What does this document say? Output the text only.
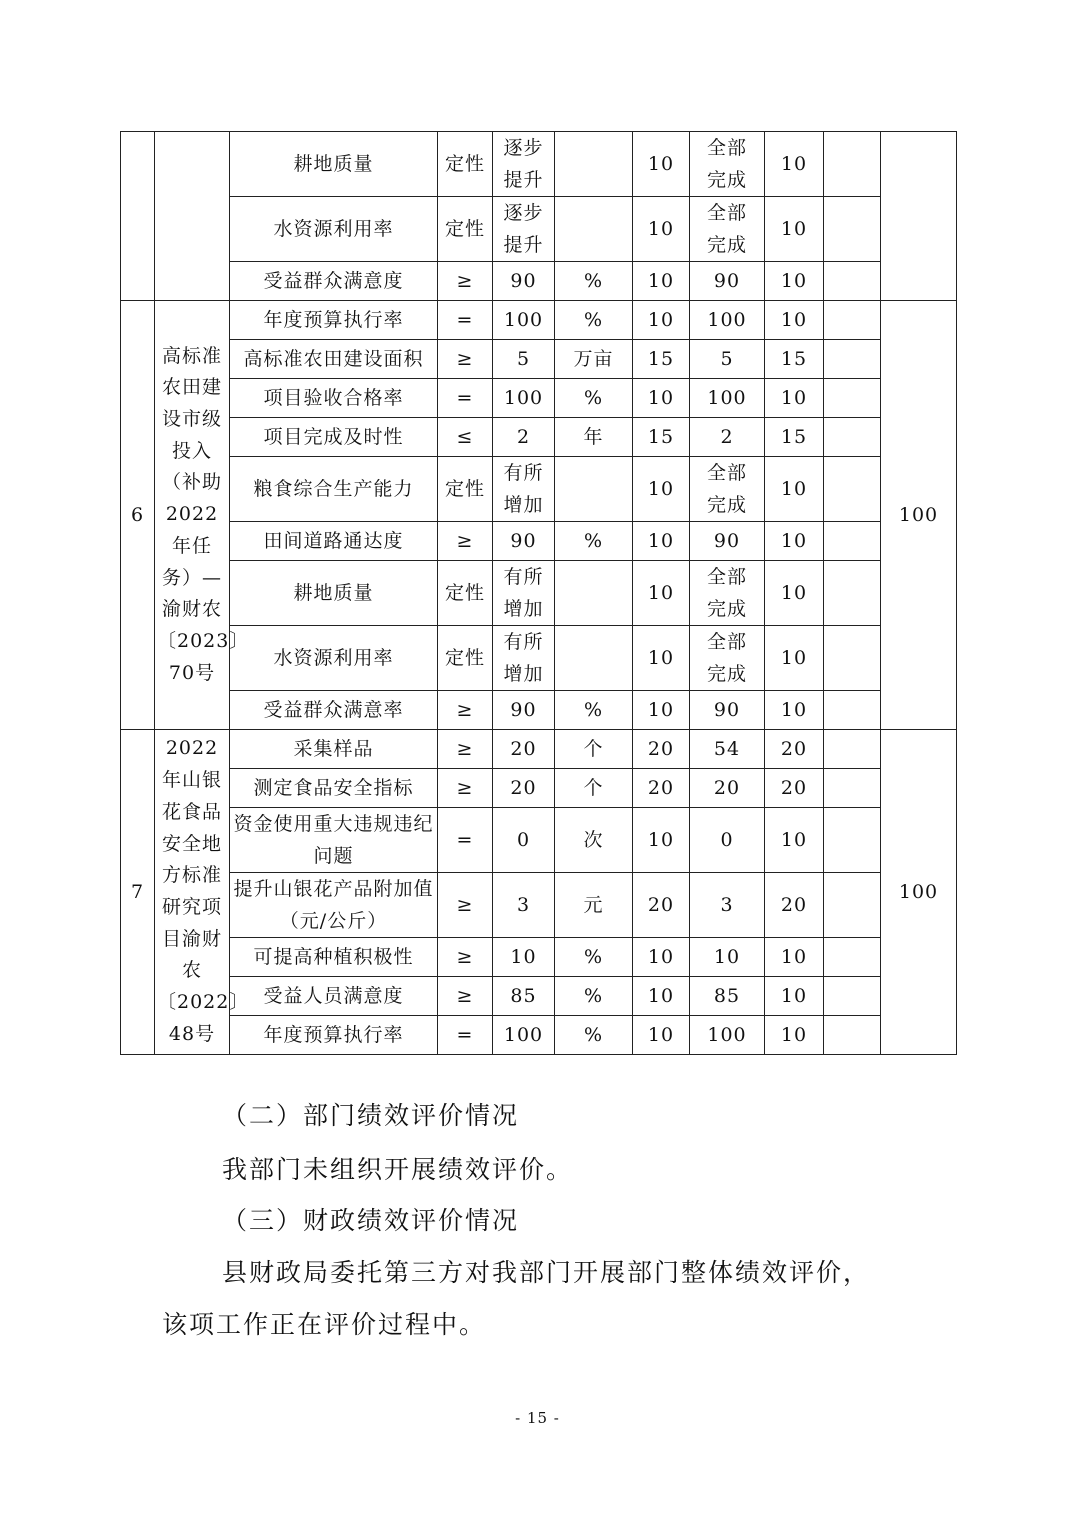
		耕地质量	定性	逐步提升		10	全部完成	10		
		水资源利用率	定性	逐步提升		10	全部完成	10		
		受益群众满意度	≥	90	%	10	90	10		
6	高标准农田建设市级投入（补助2022年任务）—渝财农〔2023〕70号	年度预算执行率	=	100	%	10	100	10		100
		高标准农田建设面积	≥	5	万亩	15	5	15		
		项目验收合格率	=	100	%	10	100	10		
		项目完成及时性	≤	2	年	15	2	15		
		粮食综合生产能力	定性	有所增加		10	全部完成	10		
		田间道路通达度	≥	90	%	10	90	10		
		耕地质量	定性	有所增加		10	全部完成	10		
		水资源利用率	定性	有所增加		10	全部完成	10		
		受益群众满意率	≥	90	%	10	90	10		
7	2022年山银花食品安全地方标准研究项目渝财农〔2022〕48号	采集样品	≥	20	个	20	54	20		100
		测定食品安全指标	≥	20	个	20	20	20		
		资金使用重大违规违纪问题	=	0	次	10	0	10		
		提升山银花产品附加值（元/公斤）	≥	3	元	20	3	20		
		可提高种植积极性	≥	10	%	10	10	10		
		受益人员满意度	≥	85	%	10	85	10		
		年度预算执行率	=	100	%	10	100	10		
（二）部门绩效评价情况
我部门未组织开展绩效评价。
（三）财政绩效评价情况
县财政局委托第三方对我部门开展部门整体绩效评价，
该项工作正在评价过程中。
- 15 -
